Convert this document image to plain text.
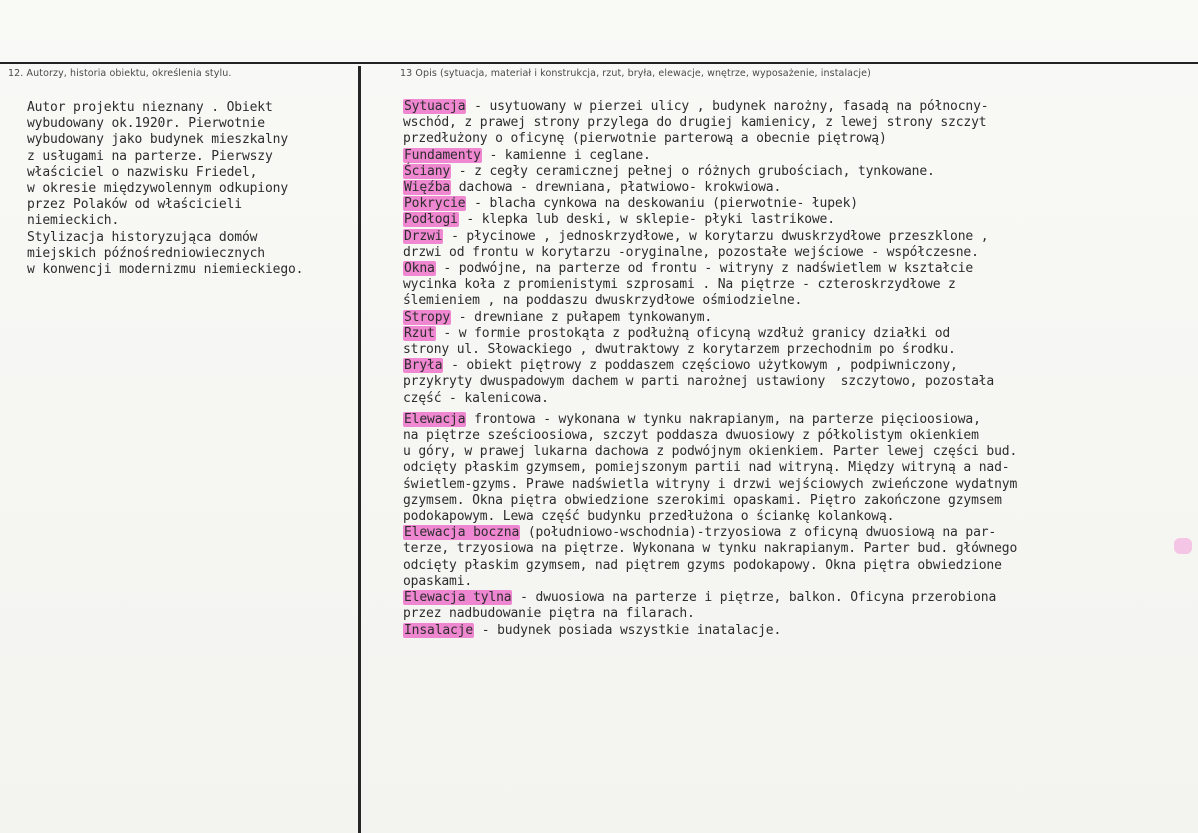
12. Autorzy, historia obiektu, określenia stylu.	13 Opis (sytuacja, materiał i konstrukcja, rzut, bryła, elewacje, wnętrze, wyposażenie, instalacje)
Autor projektu nieznany . Obiekt
wybudowany ok.1920r. Pierwotnie
wybudowany jako budynek mieszkalny
z usługami na parterze. Pierwszy
właściciel o nazwisku Friedel,
w okresie międzywolennym odkupiony
przez Polaków od właścicieli
niemieckich.
Stylizacja historyzująca domów
miejskich późnośredniowiecznych
w konwencji modernizmu niemieckiego.

Sytuacja - usytuowany w pierzei ulicy , budynek narożny, fasadą na północny-
wschód, z prawej strony przylega do drugiej kamienicy, z lewej strony szczyt
przedłużony o oficynę (pierwotnie parterową a obecnie piętrową)

Fundamenty - kamienne i ceglane.

Ściany - z cegły ceramicznej pełnej o różnych grubościach, tynkowane.

Więźba dachowa - drewniana, płatwiowo- krokwiowa.

Pokrycie - blacha cynkowa na deskowaniu (pierwotnie- łupek)

Podłogi - klepka lub deski, w sklepie- płyki lastrikowe.

Drzwi - płycinowe , jednoskrzydłowe, w korytarzu dwuskrzydłowe przeszklone ,
drzwi od frontu w korytarzu -oryginalne, pozostałe wejściowe - współczesne.

Okna - podwójne, na parterze od frontu - witryny z nadświetlem w kształcie
wycinka koła z promienistymi szprosami . Na piętrze - czteroskrzydłowe z
ślemieniem , na poddaszu dwuskrzydłowe ośmiodzielne.

Stropy - drewniane z pułapem tynkowanym.

Rzut - w formie prostokąta z podłużną oficyną wzdłuż granicy działki od
strony ul. Słowackiego , dwutraktowy z korytarzem przechodnim po środku.

Bryła - obiekt piętrowy z poddaszem częściowo użytkowym , podpiwniczony,
przykryty dwuspadowym dachem w parti narożnej ustawiony  szczytowo, pozostała
część - kalenicowa.

Elewacja frontowa - wykonana w tynku nakrapianym, na parterze pięcioosiowa,
na piętrze sześcioosiowa, szczyt poddasza dwuosiowy z półkolistym okienkiem
u góry, w prawej lukarna dachowa z podwójnym okienkiem. Parter lewej części bud.
odcięty płaskim gzymsem, pomiejszonym partii nad witryną. Między witryną a nad-
świetlem-gzyms. Prawe nadświetla witryny i drzwi wejściowych zwieńczone wydatnym
gzymsem. Okna piętra obwiedzione szerokimi opaskami. Piętro zakończone gzymsem
podokapowym. Lewa część budynku przedłużona o ściankę kolankową.

Elewacja boczna (południowo-wschodnia)-trzyosiowa z oficyną dwuosiową na par-
terze, trzyosiowa na piętrze. Wykonana w tynku nakrapianym. Parter bud. głównego
odcięty płaskim gzymsem, nad piętrem gzyms podokapowy. Okna piętra obwiedzione
opaskami.

Elewacja tylna - dwuosiowa na parterze i piętrze, balkon. Oficyna przerobiona
przez nadbudowanie piętra na filarach.

Insalacje - budynek posiada wszystkie inatalacje.
